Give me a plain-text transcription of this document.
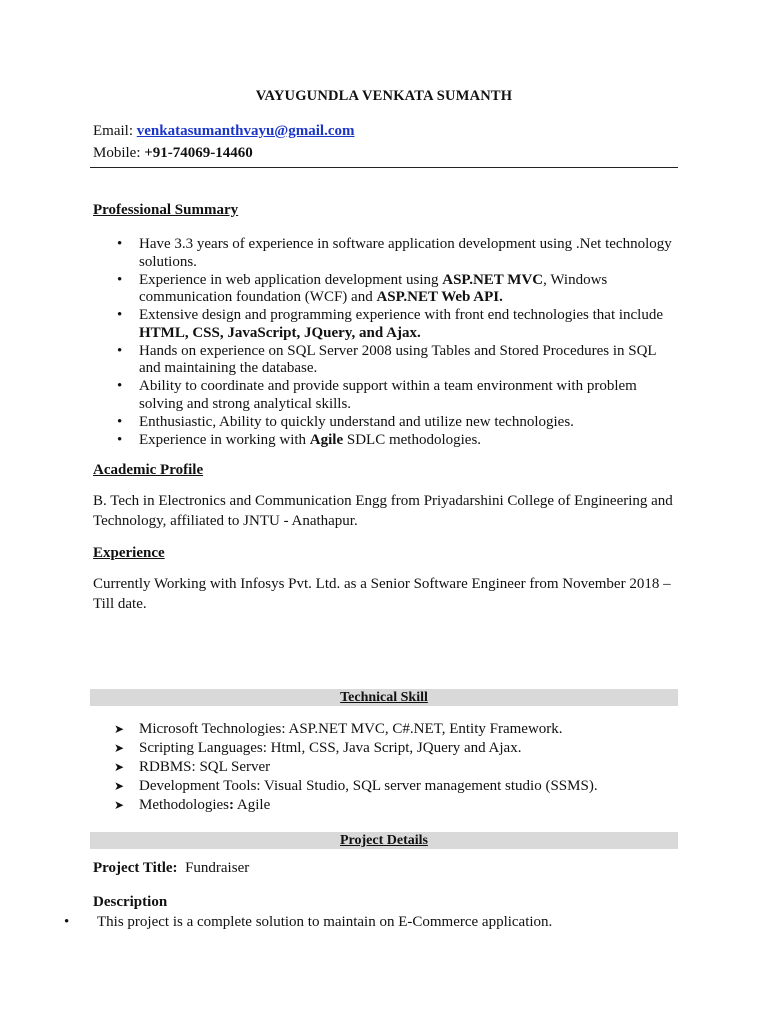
VAYUGUNDLA VENKATA SUMANTH
Email: venkatasumanthvayu@gmail.com
Mobile: +91-74069-14460
Professional Summary
• Have 3.3 years of experience in software application development using .Net technology solutions.
• Experience in web application development using ASP.NET MVC, Windows communication foundation (WCF) and ASP.NET Web API.
• Extensive design and programming experience with front end technologies that include HTML, CSS, JavaScript, JQuery, and Ajax.
• Hands on experience on SQL Server 2008 using Tables and Stored Procedures in SQL and maintaining the database.
• Ability to coordinate and provide support within a team environment with problem solving and strong analytical skills.
• Enthusiastic, Ability to quickly understand and utilize new technologies.
• Experience in working with Agile SDLC methodologies.
Academic Profile
B. Tech in Electronics and Communication Engg from Priyadarshini College of Engineering and Technology, affiliated to JNTU - Anathapur.
Experience
Currently Working with Infosys Pvt. Ltd. as a Senior Software Engineer from November 2018 – Till date.
Technical Skill
➤ Microsoft Technologies: ASP.NET MVC, C#.NET, Entity Framework.
➤ Scripting Languages: Html, CSS, Java Script, JQuery and Ajax.
➤ RDBMS: SQL Server
➤ Development Tools: Visual Studio, SQL server management studio (SSMS).
➤ Methodologies: Agile
Project Details
Project Title: Fundraiser
Description
• This project is a complete solution to maintain on E-Commerce application.
